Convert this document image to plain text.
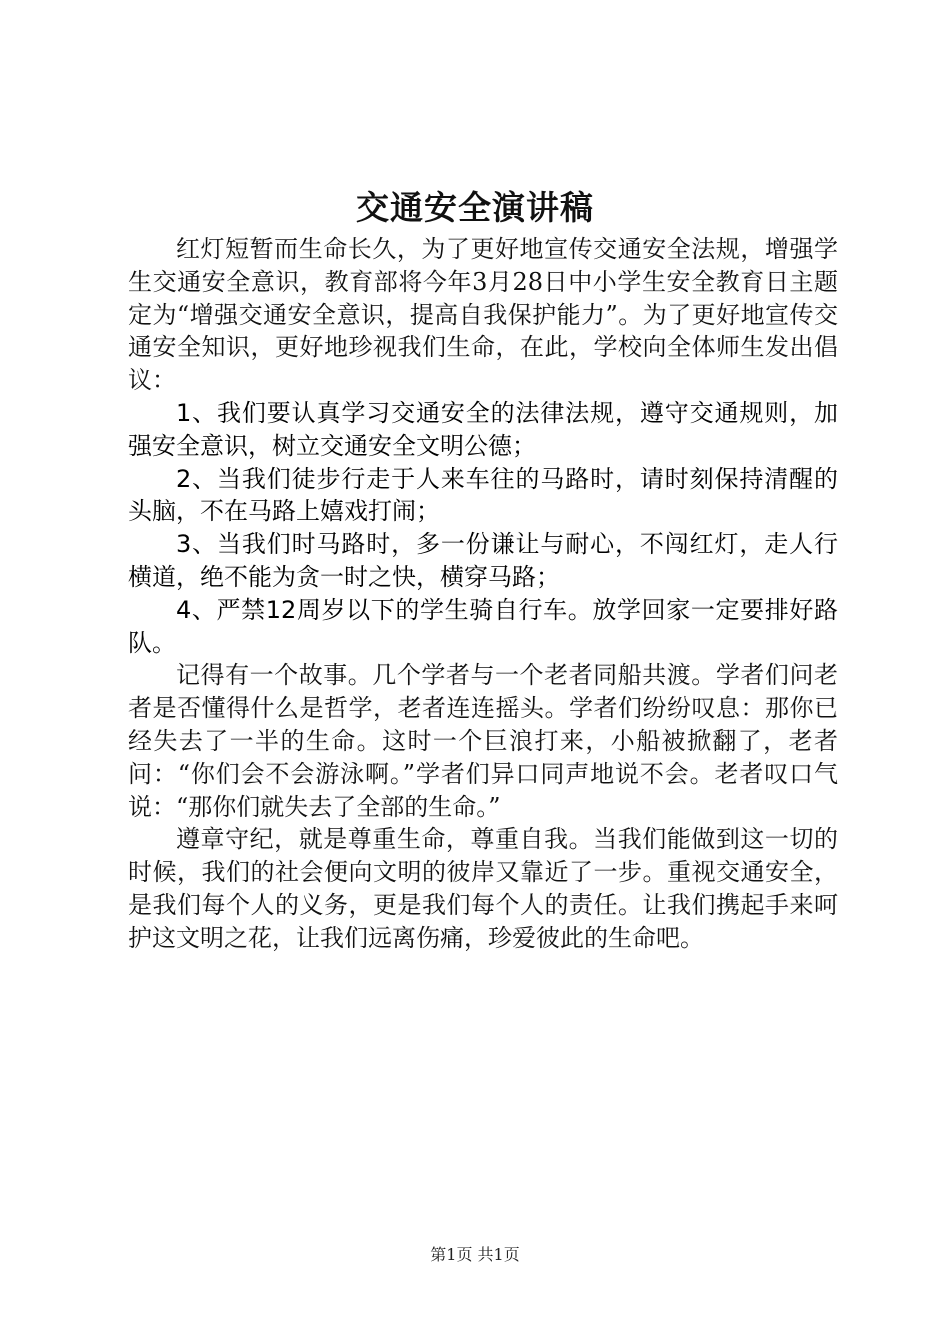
交通安全演讲稿

红灯短暂而生命长久，为了更好地宣传交通安全法规，增强学生交通安全意识，教育部将今年3月28日中小学生安全教育日主题定为“增强交通安全意识，提高自我保护能力”。为了更好地宣传交通安全知识，更好地珍视我们生命，在此，学校向全体师生发出倡议：

1、我们要认真学习交通安全的法律法规，遵守交通规则，加强安全意识，树立交通安全文明公德；

2、当我们徒步行走于人来车往的马路时，请时刻保持清醒的头脑，不在马路上嬉戏打闹；

3、当我们时马路时，多一份谦让与耐心，不闯红灯，走人行横道，绝不能为贪一时之快，横穿马路；

4、严禁12周岁以下的学生骑自行车。放学回家一定要排好路队。

记得有一个故事。几个学者与一个老者同船共渡。学者们问老者是否懂得什么是哲学，老者连连摇头。学者们纷纷叹息：那你已经失去了一半的生命。这时一个巨浪打来，小船被掀翻了，老者问：“你们会不会游泳啊。”学者们异口同声地说不会。老者叹口气说：“那你们就失去了全部的生命。”

遵章守纪，就是尊重生命，尊重自我。当我们能做到这一切的时候，我们的社会便向文明的彼岸又靠近了一步。重视交通安全，是我们每个人的义务，更是我们每个人的责任。让我们携起手来呵护这文明之花，让我们远离伤痛，珍爱彼此的生命吧。

第1页 共1页
